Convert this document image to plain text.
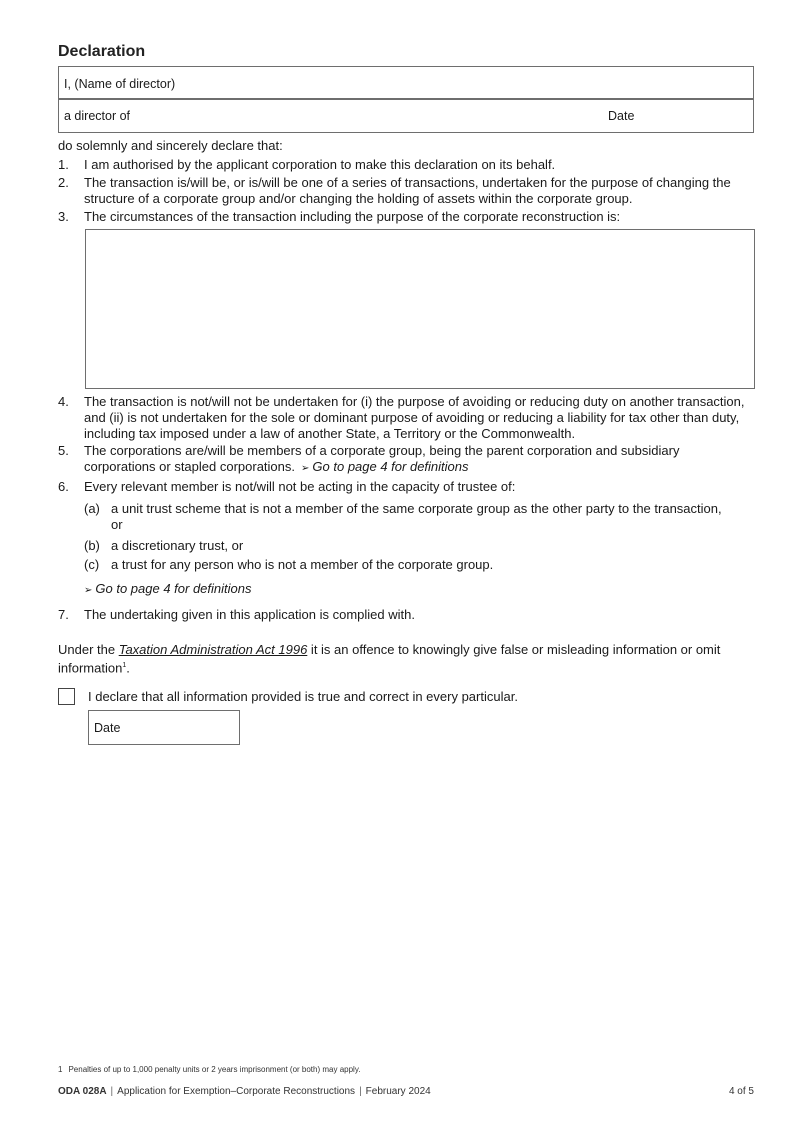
Declaration
I, (Name of director)
a director of	Date
do solemnly and sincerely declare that:
1. I am authorised by the applicant corporation to make this declaration on its behalf.
2. The transaction is/will be, or is/will be one of a series of transactions, undertaken for the purpose of changing the structure of a corporate group and/or changing the holding of assets within the corporate group.
3. The circumstances of the transaction including the purpose of the corporate reconstruction is:
4. The transaction is not/will not be undertaken for (i) the purpose of avoiding or reducing duty on another transaction, and (ii) is not undertaken for the sole or dominant purpose of avoiding or reducing a liability for tax other than duty, including tax imposed under a law of another State, a Territory or the Commonwealth.
5. The corporations are/will be members of a corporate group, being the parent corporation and subsidiary corporations or stapled corporations. ➢ Go to page 4 for definitions
6. Every relevant member is not/will not be acting in the capacity of trustee of:
(a) a unit trust scheme that is not a member of the same corporate group as the other party to the transaction, or
(b) a discretionary trust, or
(c) a trust for any person who is not a member of the corporate group.
➢ Go to page 4 for definitions
7. The undertaking given in this application is complied with.
Under the Taxation Administration Act 1996 it is an offence to knowingly give false or misleading information or omit information$^1$.
I declare that all information provided is true and correct in every particular.
Date
1 Penalties of up to 1,000 penalty units or 2 years imprisonment (or both) may apply.
ODA 028A | Application for Exemption–Corporate Reconstructions | February 2024	4 of 5
